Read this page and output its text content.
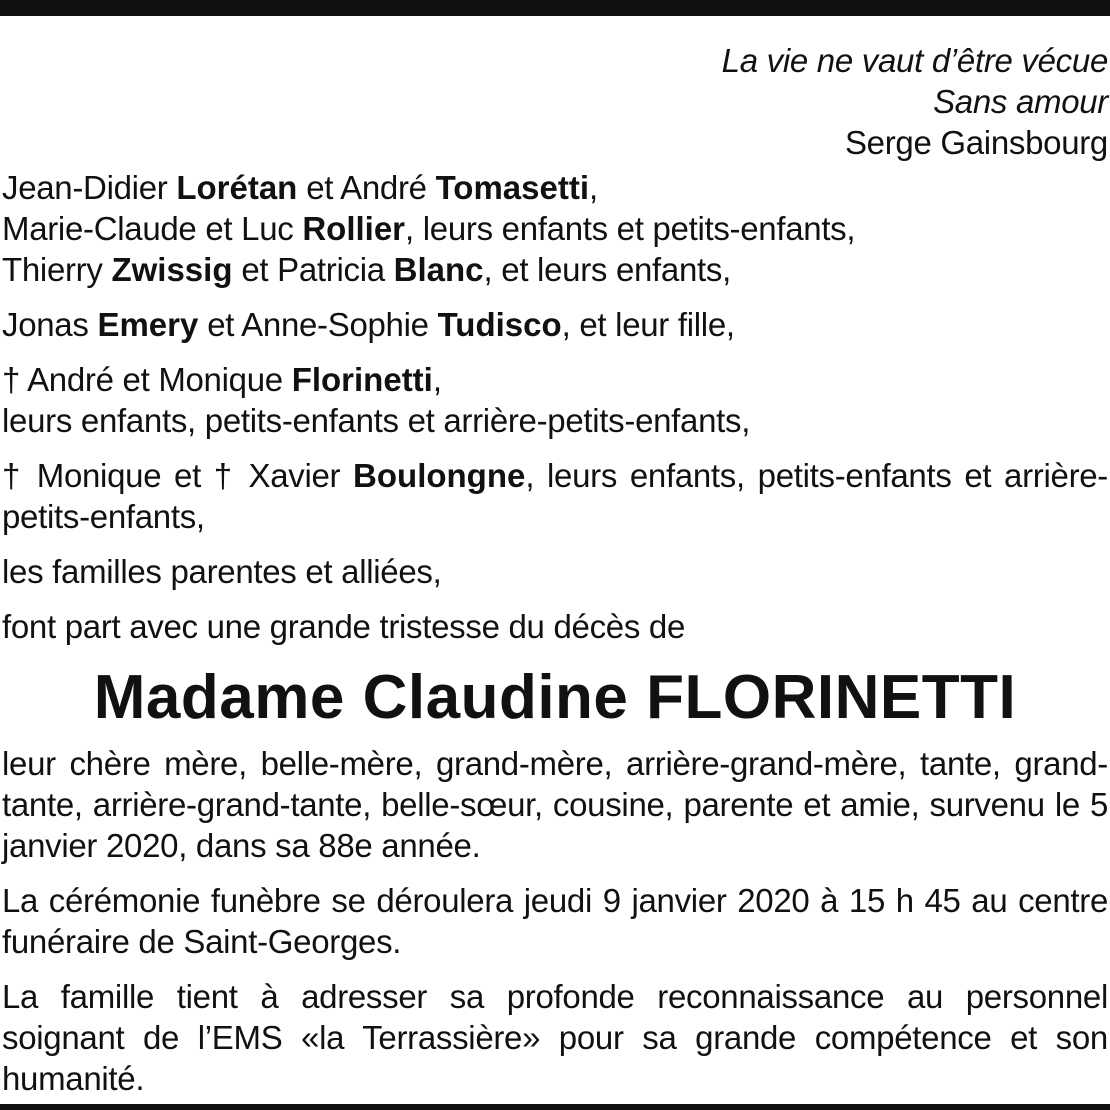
La vie ne vaut d’être vécue
Sans amour
Serge Gainsbourg
Jean-Didier Lorétan et André Tomasetti,
Marie-Claude et Luc Rollier, leurs enfants et petits-enfants,
Thierry Zwissig et Patricia Blanc, et leurs enfants,
Jonas Emery et Anne-Sophie Tudisco, et leur fille,
† André et Monique Florinetti,
leurs enfants, petits-enfants et arrière-petits-enfants,
† Monique et † Xavier Boulongne, leurs enfants, petits-enfants et arrière-petits-enfants,
les familles parentes et alliées,
font part avec une grande tristesse du décès de
Madame Claudine FLORINETTI
leur chère mère, belle-mère, grand-mère, arrière-grand-mère, tante, grand-tante, arrière-grand-tante, belle-sœur, cousine, parente et amie, survenu le 5 janvier 2020, dans sa 88e année.
La cérémonie funèbre se déroulera jeudi 9 janvier 2020 à 15 h 45 au centre funéraire de Saint-Georges.
La famille tient à adresser sa profonde reconnaissance au personnel soignant de l’EMS «la Terrassière» pour sa grande compétence et son humanité.
